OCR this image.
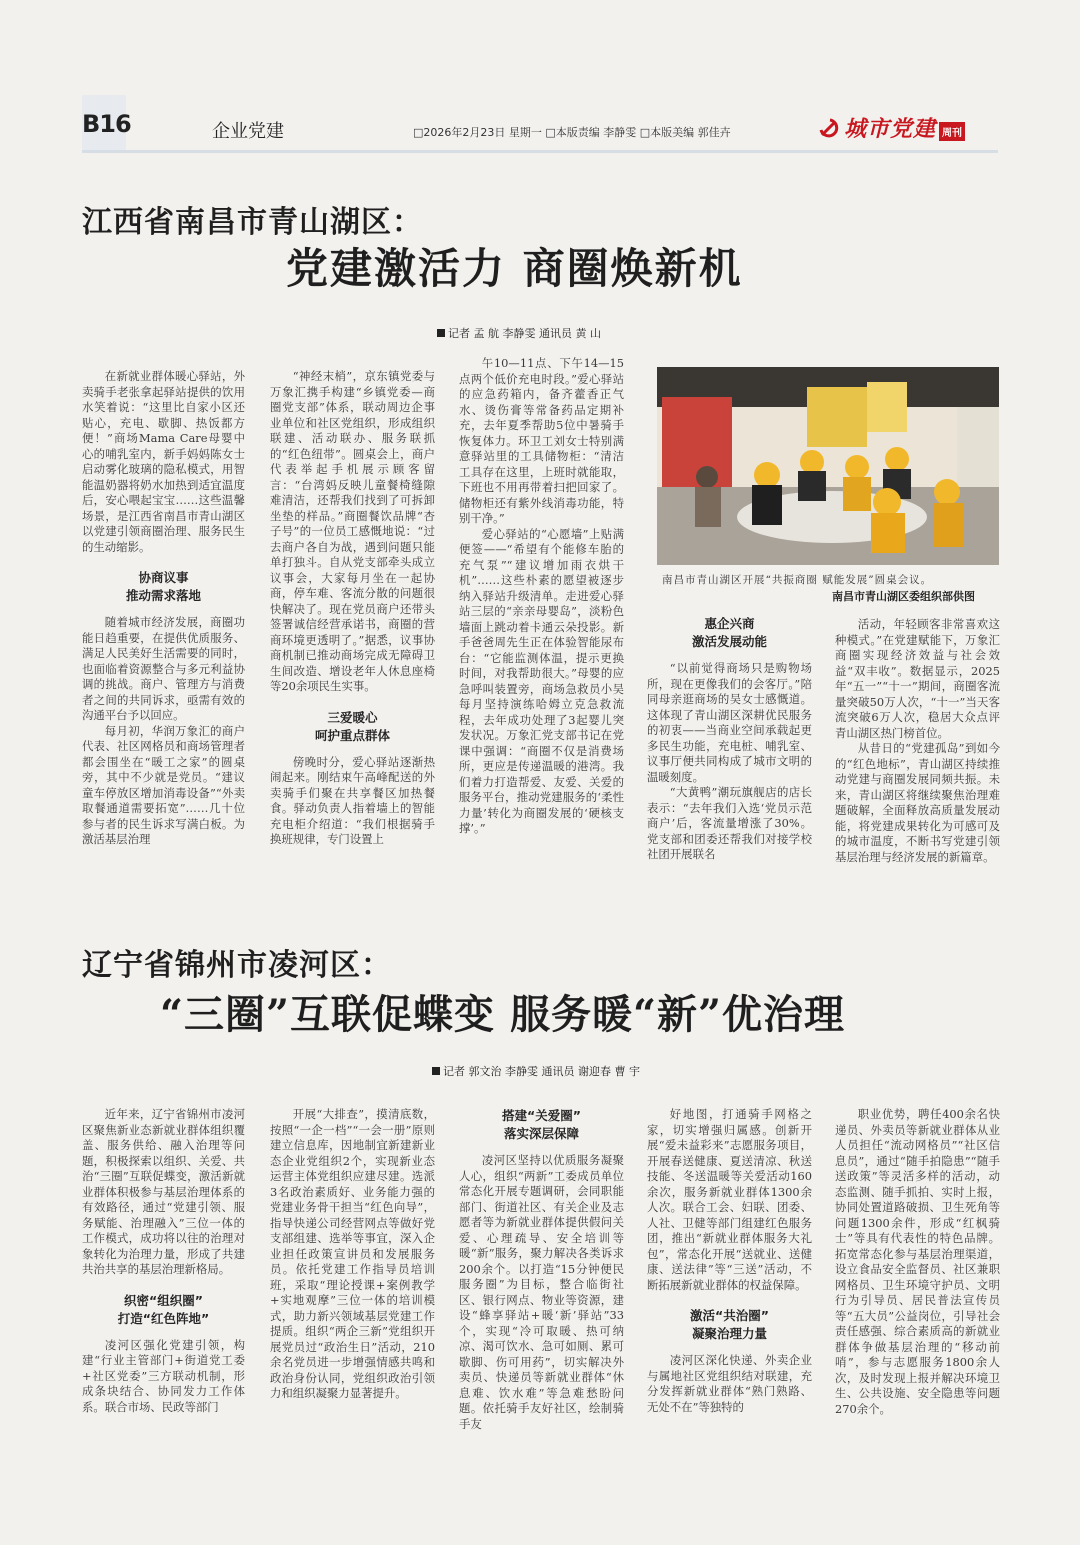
B16	企业党建	□2026年2月23日 星期一 □本版责编 李静雯 □本版美编 郭佳卉	城市党建 周刊
江西省南昌市青山湖区：
党建激活力 商圈焕新机
记者 孟 航 李静雯 通讯员 黄 山

在新就业群体暖心驿站，外卖骑手老张拿起驿站提供的饮用水笑着说：“这里比自家小区还贴心，充电、歇脚、热饭都方便！”商场Mama Care母婴中心的哺乳室内，新手妈妈陈女士启动雾化玻璃的隐私模式，用智能温奶器将奶水加热到适宜温度后，安心喂起宝宝……这些温馨场景，是江西省南昌市青山湖区以党建引领商圈治理、服务民生的生动缩影。

协商议事
推动需求落地

随着城市经济发展，商圈功能日趋重要，在提供优质服务、满足人民美好生活需要的同时，也面临着资源整合与多元利益协调的挑战。商户、管理方与消费者之间的共同诉求，亟需有效的沟通平台予以回应。

每月初，华润万象汇的商户代表、社区网格员和商场管理者都会围坐在“暖工之家”的圆桌旁，其中不少就是党员。“建议童车停放区增加消毒设备”“外卖取餐通道需要拓宽”……几十位参与者的民生诉求写满白板。为激活基层治理

“神经末梢”，京东镇党委与万象汇携手构建“乡镇党委—商圈党支部”体系，联动周边企事业单位和社区党组织，形成组织联建、活动联办、服务联抓的“红色纽带”。圆桌会上，商户代表举起手机展示顾客留言：“台湾妈反映儿童餐椅缝隙难清洁，还帮我们找到了可拆卸坐垫的样品。”商圈餐饮品牌“杏子号”的一位员工感慨地说：“过去商户各自为战，遇到问题只能单打独斗。自从党支部牵头成立议事会，大家每月坐在一起协商，停车难、客流分散的问题很快解决了。现在党员商户还带头签署诚信经营承诺书，商圈的营商环境更透明了。”据悉，议事协商机制已推动商场完成无障碍卫生间改造、增设老年人休息座椅等20余项民生实事。

三爱暖心
呵护重点群体

傍晚时分，爱心驿站逐渐热闹起来。刚结束午高峰配送的外卖骑手们聚在共享餐区加热餐食。驿动负责人指着墙上的智能充电柜介绍道：“我们根据骑手换班规律，专门设置上

午10—11点、下午14—15点两个低价充电时段。”爱心驿站的应急药箱内，备齐藿香正气水、烫伤膏等常备药品定期补充，去年夏季帮助5位中暑骑手恢复体力。环卫工刘女士特别满意驿站里的工具储物柜：“清洁工具存在这里，上班时就能取，下班也不用再带着扫把回家了。储物柜还有紫外线消毒功能，特别干净。”

爱心驿站的“心愿墙”上贴满便签——“希望有个能修车胎的充气泵”“建议增加雨衣烘干机”……这些朴素的愿望被逐步纳入驿站升级清单。走进爱心驿站三层的“亲亲母婴岛”，淡粉色墙面上跳动着卡通云朵投影。新手爸爸周先生正在体验智能尿布台：“它能监测体温，提示更换时间，对我帮助很大。”母婴的应急呼叫装置旁，商场急救员小吴每月坚持演练哈姆立克急救流程，去年成功处理了3起婴儿突发状况。万象汇党支部书记在党课中强调：“商圈不仅是消费场所，更应是传递温暖的港湾。我们着力打造帮爱、友爱、关爱的服务平台，推动党建服务的‘柔性力量’转化为商圈发展的‘硬核支撑’。”

惠企兴商
激活发展动能

“以前觉得商场只是购物场所，现在更像我们的会客厅。”陪同母亲逛商场的吴女士感慨道。这体现了青山湖区深耕优民服务的初衷——当商业空间承载起更多民生功能，充电桩、哺乳室、议事厅便共同构成了城市文明的温暖刻度。

“大黄鸭”潮玩旗舰店的店长表示：“去年我们入选‘党员示范商户’后，客流量增涨了30%。党支部和团委还帮我们对接学校社团开展联名

活动，年轻顾客非常喜欢这种模式。”在党建赋能下，万象汇商圈实现经济效益与社会效益“双丰收”。数据显示，2025年“五一”“十一”期间，商圈客流量突破50万人次，“十一”当天客流突破6万人次，稳居大众点评青山湖区热门榜首位。

从昔日的“党建孤岛”到如今的“红色地标”，青山湖区持续推动党建与商圈发展同频共振。未来，青山湖区将继续聚焦治理难题破解，全面释放高质量发展动能，将党建成果转化为可感可及的城市温度，不断书写党建引领基层治理与经济发展的新篇章。

南昌市青山湖区开展“共振商圈 赋能发展”圆桌会议。
南昌市青山湖区委组织部供图
辽宁省锦州市凌河区：
“三圈”互联促蝶变 服务暖“新”优治理
记者 郭文治 李静雯 通讯员 谢迎春 曹 宇

近年来，辽宁省锦州市凌河区聚焦新业态新就业群体组织覆盖、服务供给、融入治理等问题，积极探索以组织、关爱、共治“三圈”互联促蝶变，激活新就业群体积极参与基层治理体系的有效路径，通过“党建引领、服务赋能、治理融入”三位一体的工作模式，成功将以往的治理对象转化为治理力量，形成了共建共治共享的基层治理新格局。

织密“组织圈”
打造“红色阵地”

凌河区强化党建引领，构建“行业主管部门+街道党工委+社区党委”三方联动机制，形成条块结合、协同发力工作体系。联合市场、民政等部门

开展“大排查”，摸清底数，按照“一企一档”“一会一册”原则建立信息库，因地制宜新建新业态企业党组织2个，实现新业态运营主体党组织应建尽建。选派3名政治素质好、业务能力强的党建业务骨干担当“红色向导”，指导快递公司经营网点等做好党支部组建、选举等事宜，深入企业担任政策宣讲员和发展服务员。依托党建工作指导员培训班，采取“理论授课+案例教学+实地观摩”三位一体的培训模式，助力新兴领域基层党建工作提质。组织“两企三新”党组织开展党员过“政治生日”活动，210余名党员进一步增强情感共鸣和政治身份认同，党组织政治引领力和组织凝聚力显著提升。

搭建“关爱圈”
落实深层保障

凌河区坚持以优质服务凝聚人心，组织“两新”工委成员单位常态化开展专题调研，会同职能部门、街道社区、有关企业及志愿者等为新就业群体提供假问关爱、心理疏导、安全培训等暖“新”服务，聚力解决各类诉求200余个。以打造“15分钟便民服务圈”为目标，整合临街社区、银行网点、物业等资源，建设“蜂享驿站+暖‘新’驿站”33个，实现“冷可取暖、热可纳凉、渴可饮水、急可如厕、累可歇脚、伤可用药”，切实解决外卖员、快递员等新就业群体“休息难、饮水难”等急难愁盼问题。依托骑手友好社区，绘制骑手友

好地图，打通骑手网格之家，切实增强归属感。创新开展“爱未益彩来”志愿服务项目，开展春送健康、夏送清凉、秋送技能、冬送温暖等关爱活动160余次，服务新就业群体1300余人次。联合工会、妇联、团委、人社、卫健等部门组建红色服务团，推出“新就业群体服务大礼包”，常态化开展“送就业、送健康、送法律”等“三送”活动，不断拓展新就业群体的权益保障。

激活“共治圈”
凝聚治理力量

凌河区深化快递、外卖企业与属地社区党组织结对联建，充分发挥新就业群体“熟门熟路、无处不在”等独特的

职业优势，聘任400余名快递员、外卖员等新就业群体从业人员担任“流动网格员”“社区信息员”，通过“随手拍隐患”“随手送政策”等灵活多样的活动，动态监测、随手抓拍、实时上报，协同处置道路破损、卫生死角等问题1300余件，形成“红枫骑士”等具有代表性的特色品牌。拓宽常态化参与基层治理渠道，设立食品安全监督员、社区兼职网格员、卫生环境守护员、文明行为引导员、居民普法宣传员等“五大员”公益岗位，引导社会责任感强、综合素质高的新就业群体争做基层治理的“移动前哨”，参与志愿服务1800余人次，及时发现上报并解决环境卫生、公共设施、安全隐患等问题270余个。
